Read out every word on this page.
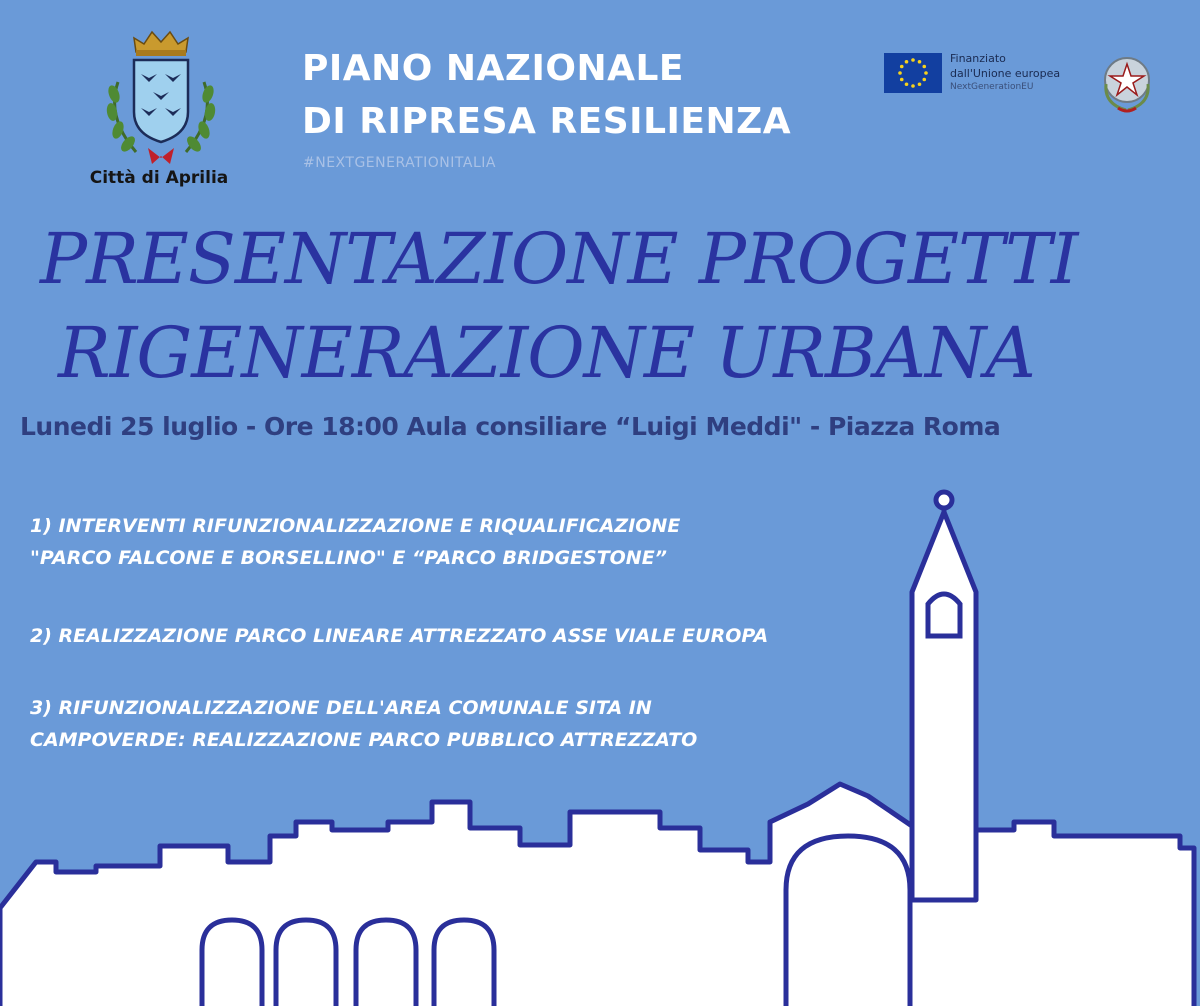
Città di Aprilia
PIANO NAZIONALE
DI RIPRESA RESILIENZA
#NEXTGENERATIONITALIA
Finanziato
dall'Unione europea
NextGenerationEU
PRESENTAZIONE PROGETTI
RIGENERAZIONE URBANA
Lunedi 25 luglio - Ore 18:00 Aula consiliare “Luigi Meddi" - Piazza Roma
1) INTERVENTI RIFUNZIONALIZZAZIONE E RIQUALIFICAZIONE
"PARCO FALCONE E BORSELLINO" E “PARCO BRIDGESTONE”
2) REALIZZAZIONE PARCO LINEARE ATTREZZATO ASSE VIALE EUROPA
3) RIFUNZIONALIZZAZIONE DELL'AREA COMUNALE SITA IN
CAMPOVERDE: REALIZZAZIONE PARCO PUBBLICO ATTREZZATO
